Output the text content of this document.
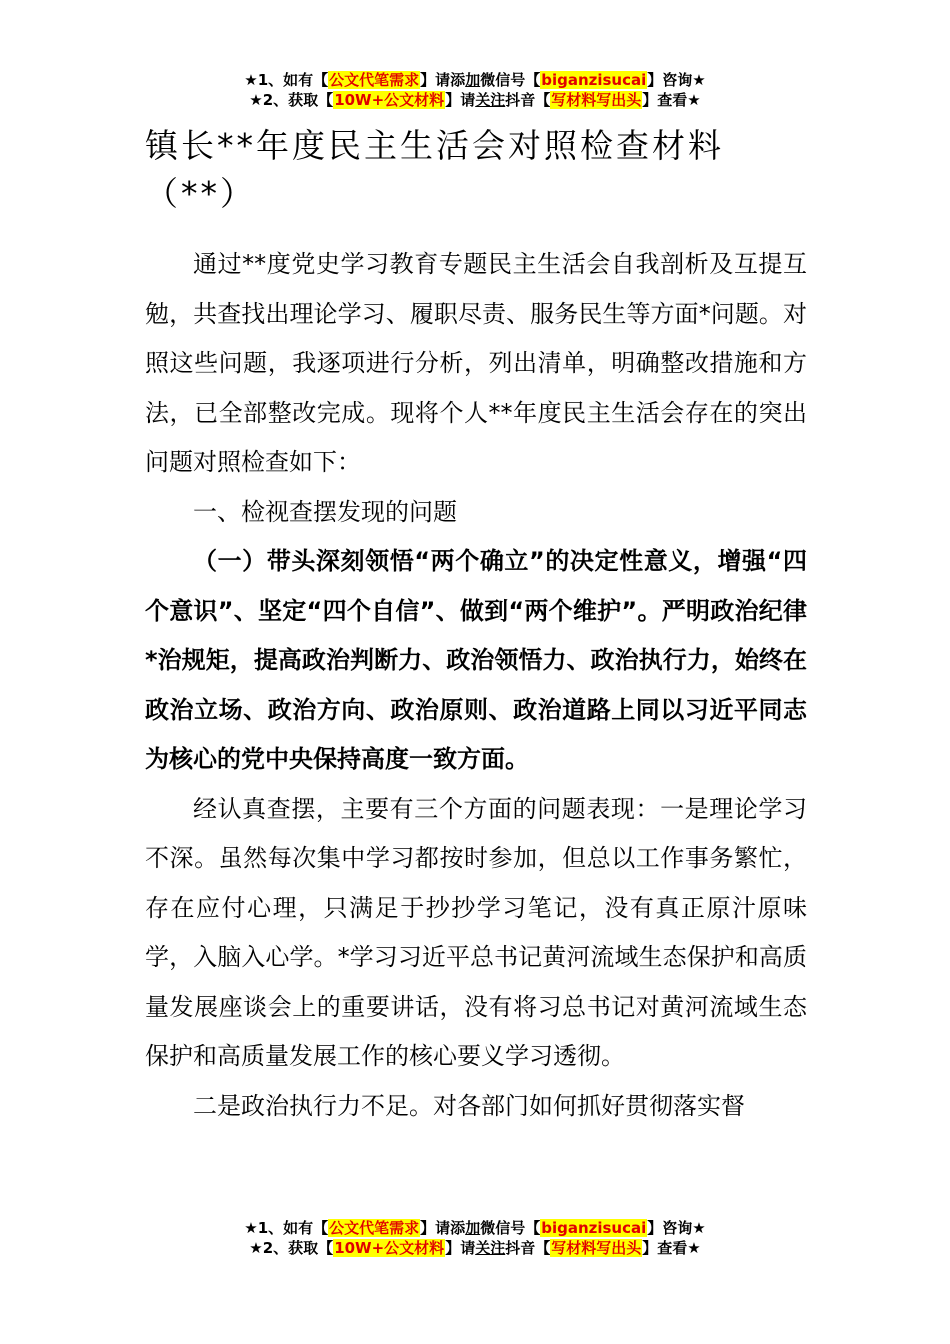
★1、如有【公文代笔需求】请添加微信号【biganzisucai】咨询★
★2、获取【10W+公文材料】请关注抖音【写材料写出头】查看★
镇长**年度民主生活会对照检查材料（**）

通过**度党史学习教育专题民主生活会自我剖析及互提互勉，共查找出理论学习、履职尽责、服务民生等方面*问题。对照这些问题，我逐项进行分析，列出清单，明确整改措施和方法，已全部整改完成。现将个人**年度民主生活会存在的突出问题对照检查如下：

一、检视查摆发现的问题

（一）带头深刻领悟“两个确立”的决定性意义，增强“四个意识”、坚定“四个自信”、做到“两个维护”。严明政治纪律*治规矩，提高政治判断力、政治领悟力、政治执行力，始终在政治立场、政治方向、政治原则、政治道路上同以习近平同志为核心的党中央保持高度一致方面。

经认真查摆，主要有三个方面的问题表现：一是理论学习不深。虽然每次集中学习都按时参加，但总以工作事务繁忙，存在应付心理，只满足于抄抄学习笔记，没有真正原汁原味学，入脑入心学。*学习习近平总书记黄河流域生态保护和高质量发展座谈会上的重要讲话，没有将习总书记对黄河流域生态保护和高质量发展工作的核心要义学习透彻。

二是政治执行力不足。对各部门如何抓好贯彻落实督

★1、如有【公文代笔需求】请添加微信号【biganzisucai】咨询★
★2、获取【10W+公文材料】请关注抖音【写材料写出头】查看★
